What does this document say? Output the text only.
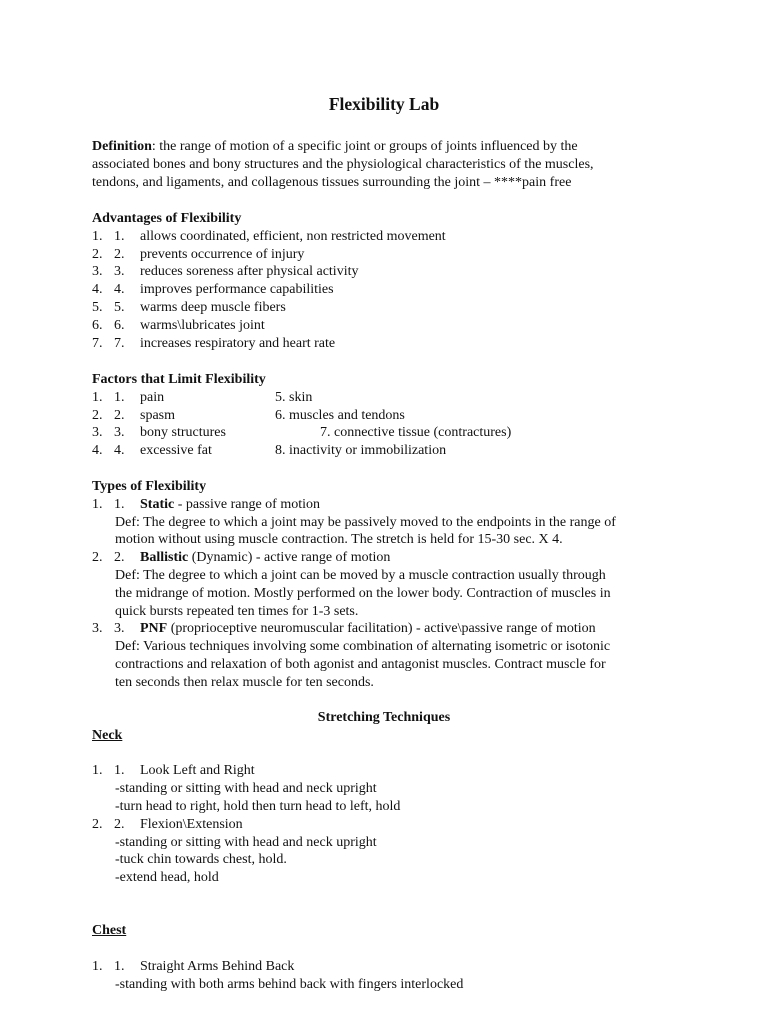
Flexibility Lab
Definition: the range of motion of a specific joint or groups of joints influenced by the
associated bones and bony structures and the physiological characteristics of the muscles,
tendons, and ligaments, and collagenous tissues surrounding the joint – ****pain free
Advantages of Flexibility
1. 1. allows coordinated, efficient, non restricted movement
2. 2. prevents occurrence of injury
3. 3. reduces soreness after physical activity
4. 4. improves performance capabilities
5. 5. warms deep muscle fibers
6. 6. warms\lubricates joint
7. 7. increases respiratory and heart rate
Factors that Limit Flexibility
1. 1. pain	5. skin
2. 2. spasm	6. muscles and tendons
3. 3. bony structures	7. connective tissue (contractures)
4. 4. excessive fat	8. inactivity or immobilization
Types of Flexibility
1. 1. Static - passive range of motion
Def: The degree to which a joint may be passively moved to the endpoints in the range of
motion without using muscle contraction. The stretch is held for 15-30 sec. X 4.
2. 2. Ballistic (Dynamic) - active range of motion
Def: The degree to which a joint can be moved by a muscle contraction usually through
the midrange of motion. Mostly performed on the lower body. Contraction of muscles in
quick bursts repeated ten times for 1-3 sets.
3. 3. PNF (proprioceptive neuromuscular facilitation) - active\passive range of motion
Def: Various techniques involving some combination of alternating isometric or isotonic
contractions and relaxation of both agonist and antagonist muscles. Contract muscle for
ten seconds then relax muscle for ten seconds.
Stretching Techniques
Neck
1. 1. Look Left and Right
-standing or sitting with head and neck upright
-turn head to right, hold then turn head to left, hold
2. 2. Flexion\Extension
-standing or sitting with head and neck upright
-tuck chin towards chest, hold.
-extend head, hold
Chest
1. 1. Straight Arms Behind Back
-standing with both arms behind back with fingers interlocked
